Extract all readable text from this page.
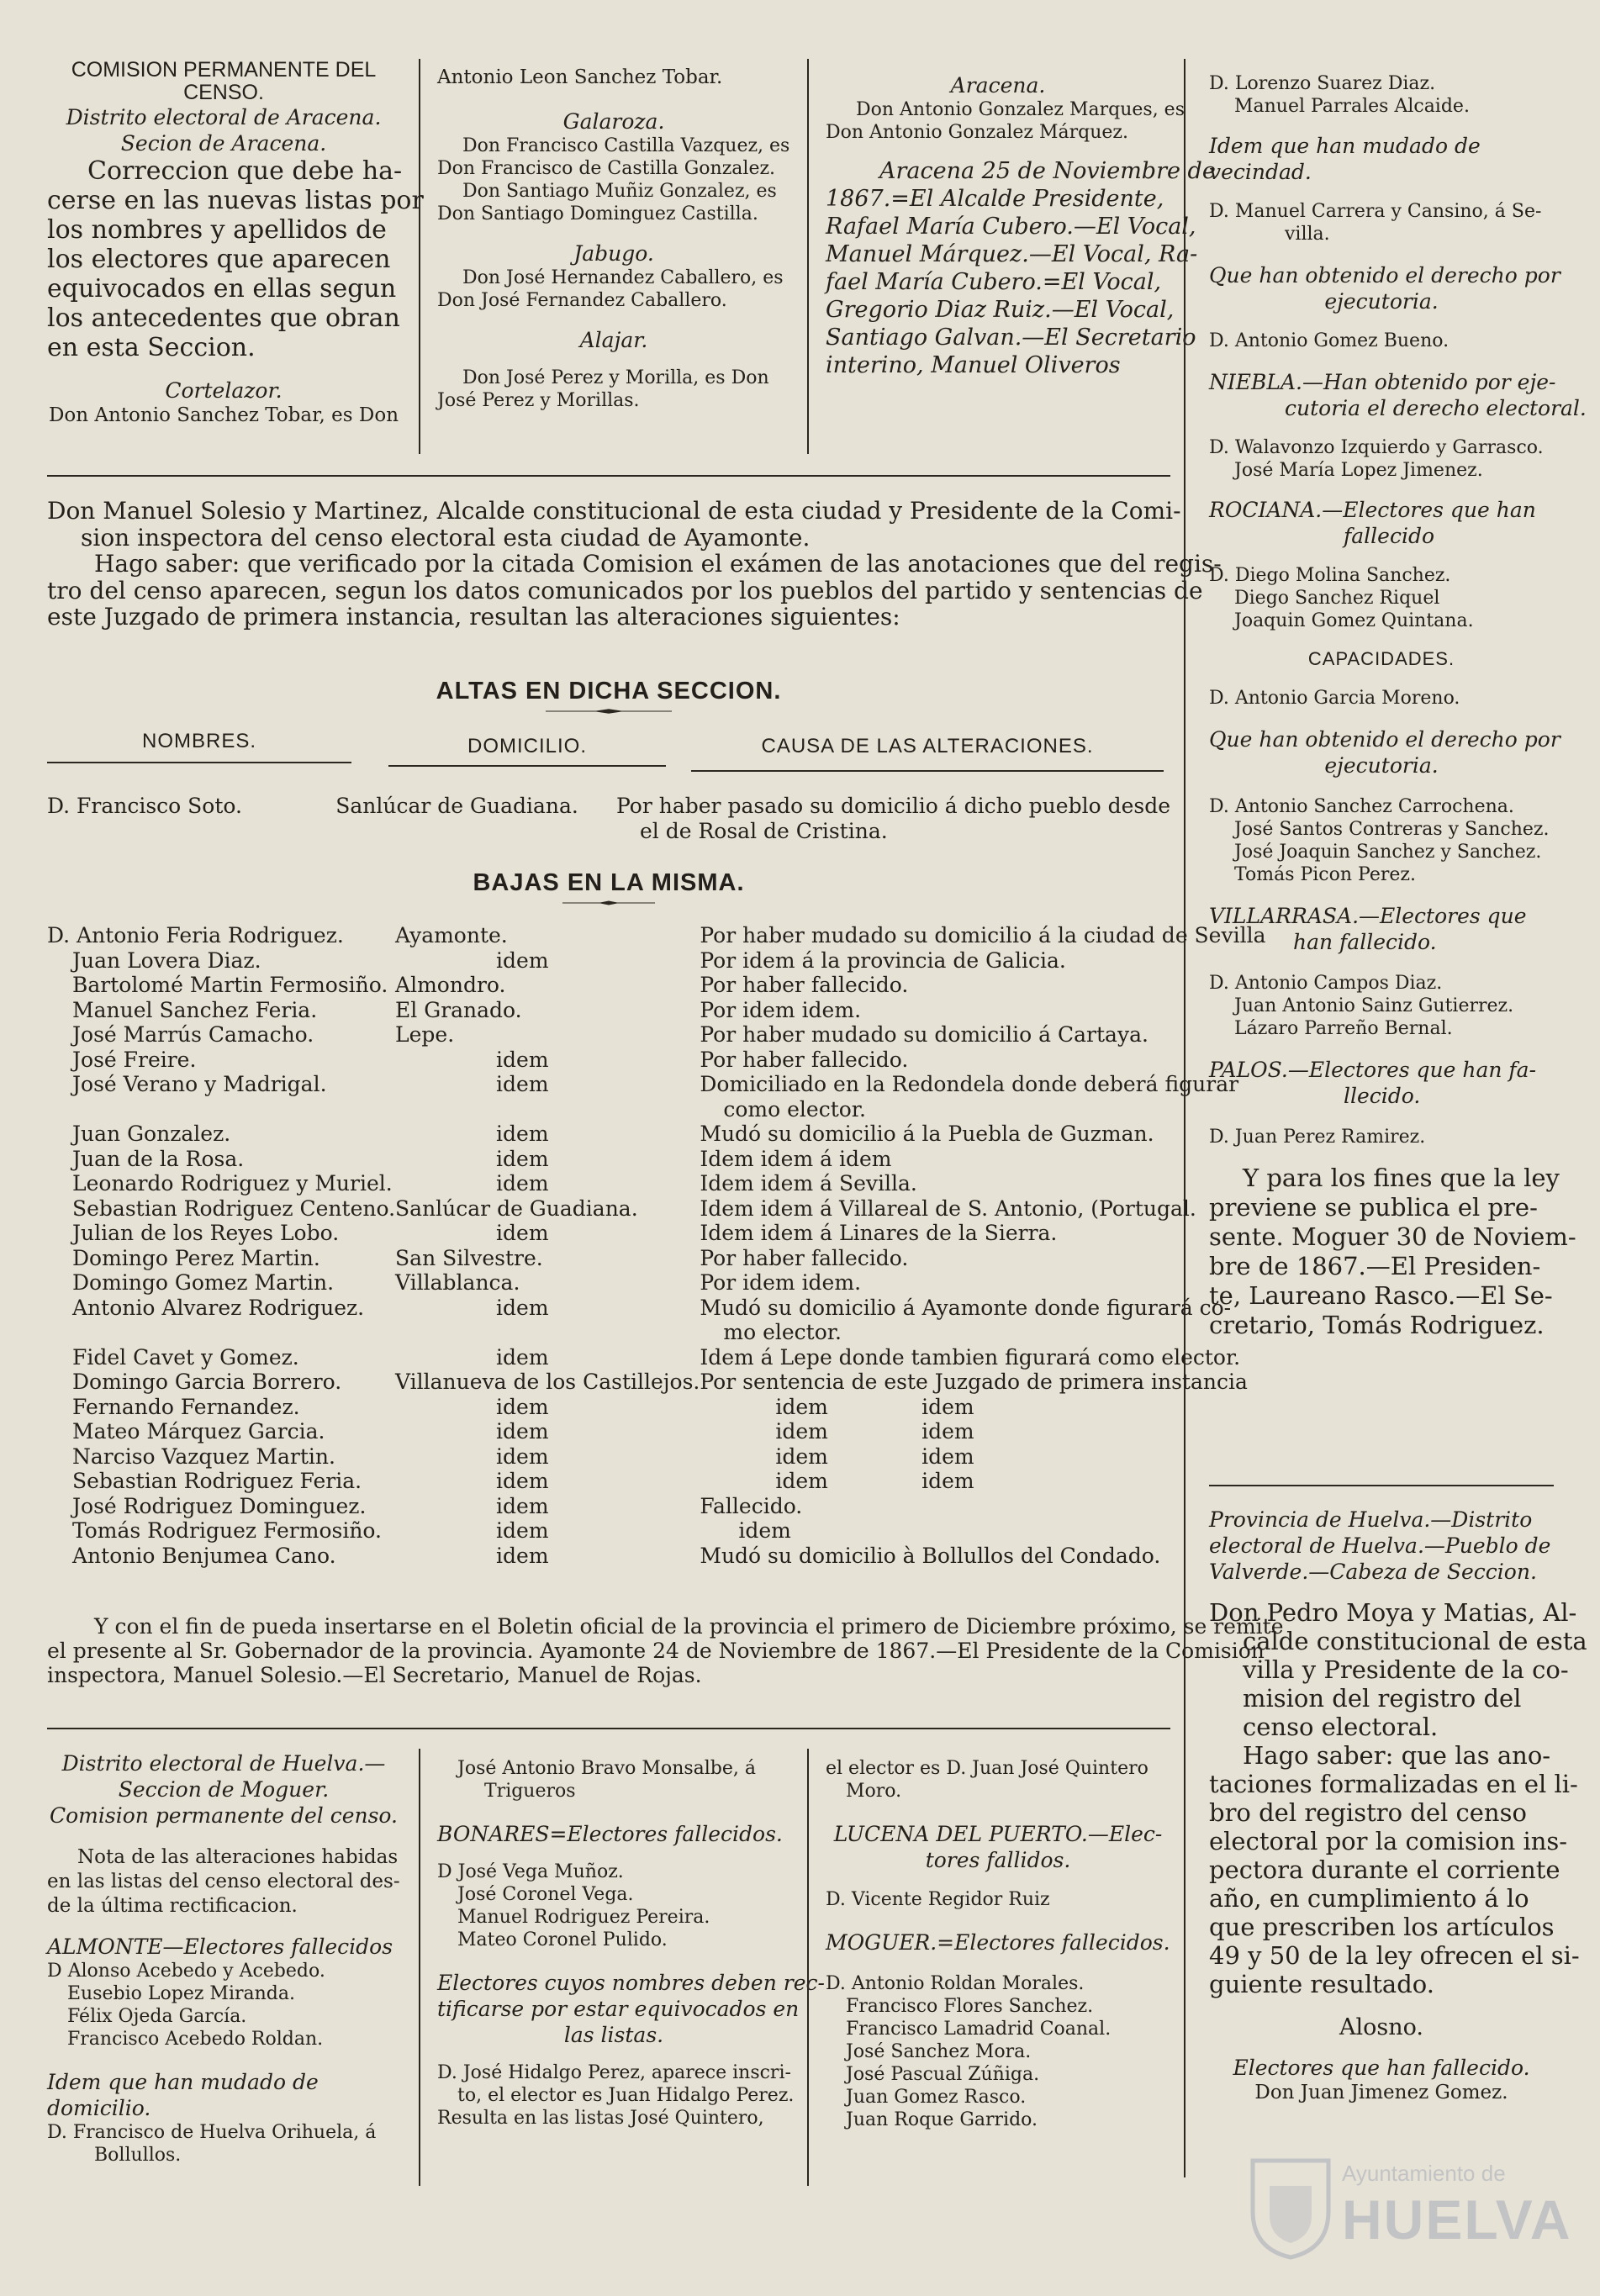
COMISION PERMANENTE DEL
CENSO.
Distrito electoral de Aracena.
Secion de Aracena.
Correccion que debe ha-
cerse en las nuevas listas por
los nombres y apellidos de
los electores que aparecen
equivocados en ellas segun
los antecedentes que obran
en esta Seccion.
Cortelazor.
Don Antonio Sanchez Tobar, es Don
Antonio Leon Sanchez Tobar.
Galaroza.
Don Francisco Castilla Vazquez, es
Don Francisco de Castilla Gonzalez.
Don Santiago Muñiz Gonzalez, es
Don Santiago Dominguez Castilla.
Jabugo.
Don José Hernandez Caballero, es
Don José Fernandez Caballero.
Alajar.
Don José Perez y Morilla, es Don
José Perez y Morillas.
Aracena.
Don Antonio Gonzalez Marques, es
Don Antonio Gonzalez Márquez.
Aracena 25 de Noviembre de
1867.=El Alcalde Presidente,
Rafael María Cubero.—El Vocal,
Manuel Márquez.—El Vocal, Ra-
fael María Cubero.=El Vocal,
Gregorio Diaz Ruiz.—El Vocal,
Santiago Galvan.—El Secretario
interino, Manuel Oliveros
Don Manuel Solesio y Martinez, Alcalde constitucional de esta ciudad y Presidente de la Comi-
sion inspectora del censo electoral esta ciudad de Ayamonte.
Hago saber: que verificado por la citada Comision el exámen de las anotaciones que del regis-
tro del censo aparecen, segun los datos comunicados por los pueblos del partido y sentencias de
este Juzgado de primera instancia, resultan las alteraciones siguientes:
ALTAS EN DICHA SECCION.
NOMBRES.	DOMICILIO.	CAUSA DE LAS ALTERACIONES.
D. Francisco Soto.	Sanlúcar de Guadiana.	Por haber pasado su domicilio á dicho pueblo desde
el de Rosal de Cristina.
BAJAS EN LA MISMA.
D. Antonio Feria Rodriguez.	Ayamonte.	Por haber mudado su domicilio á la ciudad de Sevilla
Juan Lovera Diaz.	idem	Por idem á la provincia de Galicia.
Bartolomé Martin Fermosiño.	Almondro.	Por haber fallecido.
Manuel Sanchez Feria.	El Granado.	Por idem idem.
José Marrús Camacho.	Lepe.	Por haber mudado su domicilio á Cartaya.
José Freire.	idem	Por haber fallecido.
José Verano y Madrigal.	idem	Domiciliado en la Redondela donde deberá figurar
como elector.

Juan Gonzalez.	idem	Mudó su domicilio á la Puebla de Guzman.
Juan de la Rosa.	idem	Idem idem á idem
Leonardo Rodriguez y Muriel.	idem	Idem idem á Sevilla.
Sebastian Rodriguez Centeno.	Sanlúcar de Guadiana.	Idem idem á Villareal de S. Antonio, (Portugal.
Julian de los Reyes Lobo.	idem	Idem idem á Linares de la Sierra.
Domingo Perez Martin.	San Silvestre.	Por haber fallecido.
Domingo Gomez Martin.	Villablanca.	Por idem idem.
Antonio Alvarez Rodriguez.	idem	Mudó su domicilio á Ayamonte donde figurará co-
mo elector.

Fidel Cavet y Gomez.	idem	Idem á Lepe donde tambien figurará como elector.
Domingo Garcia Borrero.	Villanueva de los Castillejos.	Por sentencia de este Juzgado de primera instancia
Fernando Fernandez.	idem	idem              idem
Mateo Márquez Garcia.	idem	idem              idem
Narciso Vazquez Martin.	idem	idem              idem
Sebastian Rodriguez Feria.	idem	idem              idem
José Rodriguez Dominguez.	idem	Fallecido.
Tomás Rodriguez Fermosiño.	idem	idem
Antonio Benjumea Cano.	idem	Mudó su domicilio à Bollullos del Condado.
Y con el fin de pueda insertarse en el Boletin oficial de la provincia el primero de Diciembre próximo, se remite
el presente al Sr. Gobernador de la provincia. Ayamonte 24 de Noviembre de 1867.—El Presidente de la Comision
inspectora, Manuel Solesio.—El Secretario, Manuel de Rojas.
Distrito electoral de Huelva.—
Seccion de Moguer.
Comision permanente del censo.
Nota de las alteraciones habidas
en las listas del censo electoral des-
de la última rectificacion.
ALMONTE—Electores fallecidos
D Alonso Acebedo y Acebedo.
Eusebio Lopez Miranda.
Félix Ojeda García.
Francisco Acebedo Roldan.
Idem que han mudado de domicilio.
D. Francisco de Huelva Orihuela, á
Bollullos.
José Antonio Bravo Monsalbe, á
Trigueros
BONARES=Electores fallecidos.
D José Vega Muñoz.
José Coronel Vega.
Manuel Rodriguez Pereira.
Mateo Coronel Pulido.
Electores cuyos nombres deben rec-
tificarse por estar equivocados en
las listas.
D. José Hidalgo Perez, aparece inscri-
to, el elector es Juan Hidalgo Perez.
Resulta en las listas José Quintero,
el elector es D. Juan José Quintero
Moro.
LUCENA DEL PUERTO.—Elec-
tores fallidos.
D. Vicente Regidor Ruiz
MOGUER.=Electores fallecidos.
D. Antonio Roldan Morales.
Francisco Flores Sanchez.
Francisco Lamadrid Coanal.
José Sanchez Mora.
José Pascual Zúñiga.
Juan Gomez Rasco.
Juan Roque Garrido.
D. Lorenzo Suarez Diaz.
Manuel Parrales Alcaide.
Idem que han mudado de vecindad.
D. Manuel Carrera y Cansino, á Se-
villa.
Que han obtenido el derecho por
ejecutoria.
D. Antonio Gomez Bueno.
NIEBLA.—Han obtenido por eje-
cutoria el derecho electoral.
D. Walavonzo Izquierdo y Garrasco.
José María Lopez Jimenez.
ROCIANA.—Electores que han
fallecido
D. Diego Molina Sanchez.
Diego Sanchez Riquel
Joaquin Gomez Quintana.
CAPACIDADES.
D. Antonio Garcia Moreno.
Que han obtenido el derecho por
ejecutoria.
D. Antonio Sanchez Carrochena.
José Santos Contreras y Sanchez.
José Joaquin Sanchez y Sanchez.
Tomás Picon Perez.
VILLARRASA.—Electores que
han fallecido.
D. Antonio Campos Diaz.
Juan Antonio Sainz Gutierrez.
Lázaro Parreño Bernal.
PALOS.—Electores que han fa-
llecido.
D. Juan Perez Ramirez.
Y para los fines que la ley
previene se publica el pre-
sente. Moguer 30 de Noviem-
bre de 1867.—El Presiden-
te, Laureano Rasco.—El Se-
cretario, Tomás Rodriguez.
Provincia de Huelva.—Distrito
electoral de Huelva.—Pueblo de
Valverde.—Cabeza de Seccion.
Don Pedro Moya y Matias, Al-
calde constitucional de esta
villa y Presidente de la co-
mision del registro del
censo electoral.
Hago saber: que las ano-
taciones formalizadas en el li-
bro del registro del censo
electoral por la comision ins-
pectora durante el corriente
año, en cumplimiento á lo
que prescriben los artículos
49 y 50 de la ley ofrecen el si-
guiente resultado.
Alosno.
Electores que han fallecido.
Don Juan Jimenez Gomez.
Ayuntamiento de
HUELVA
